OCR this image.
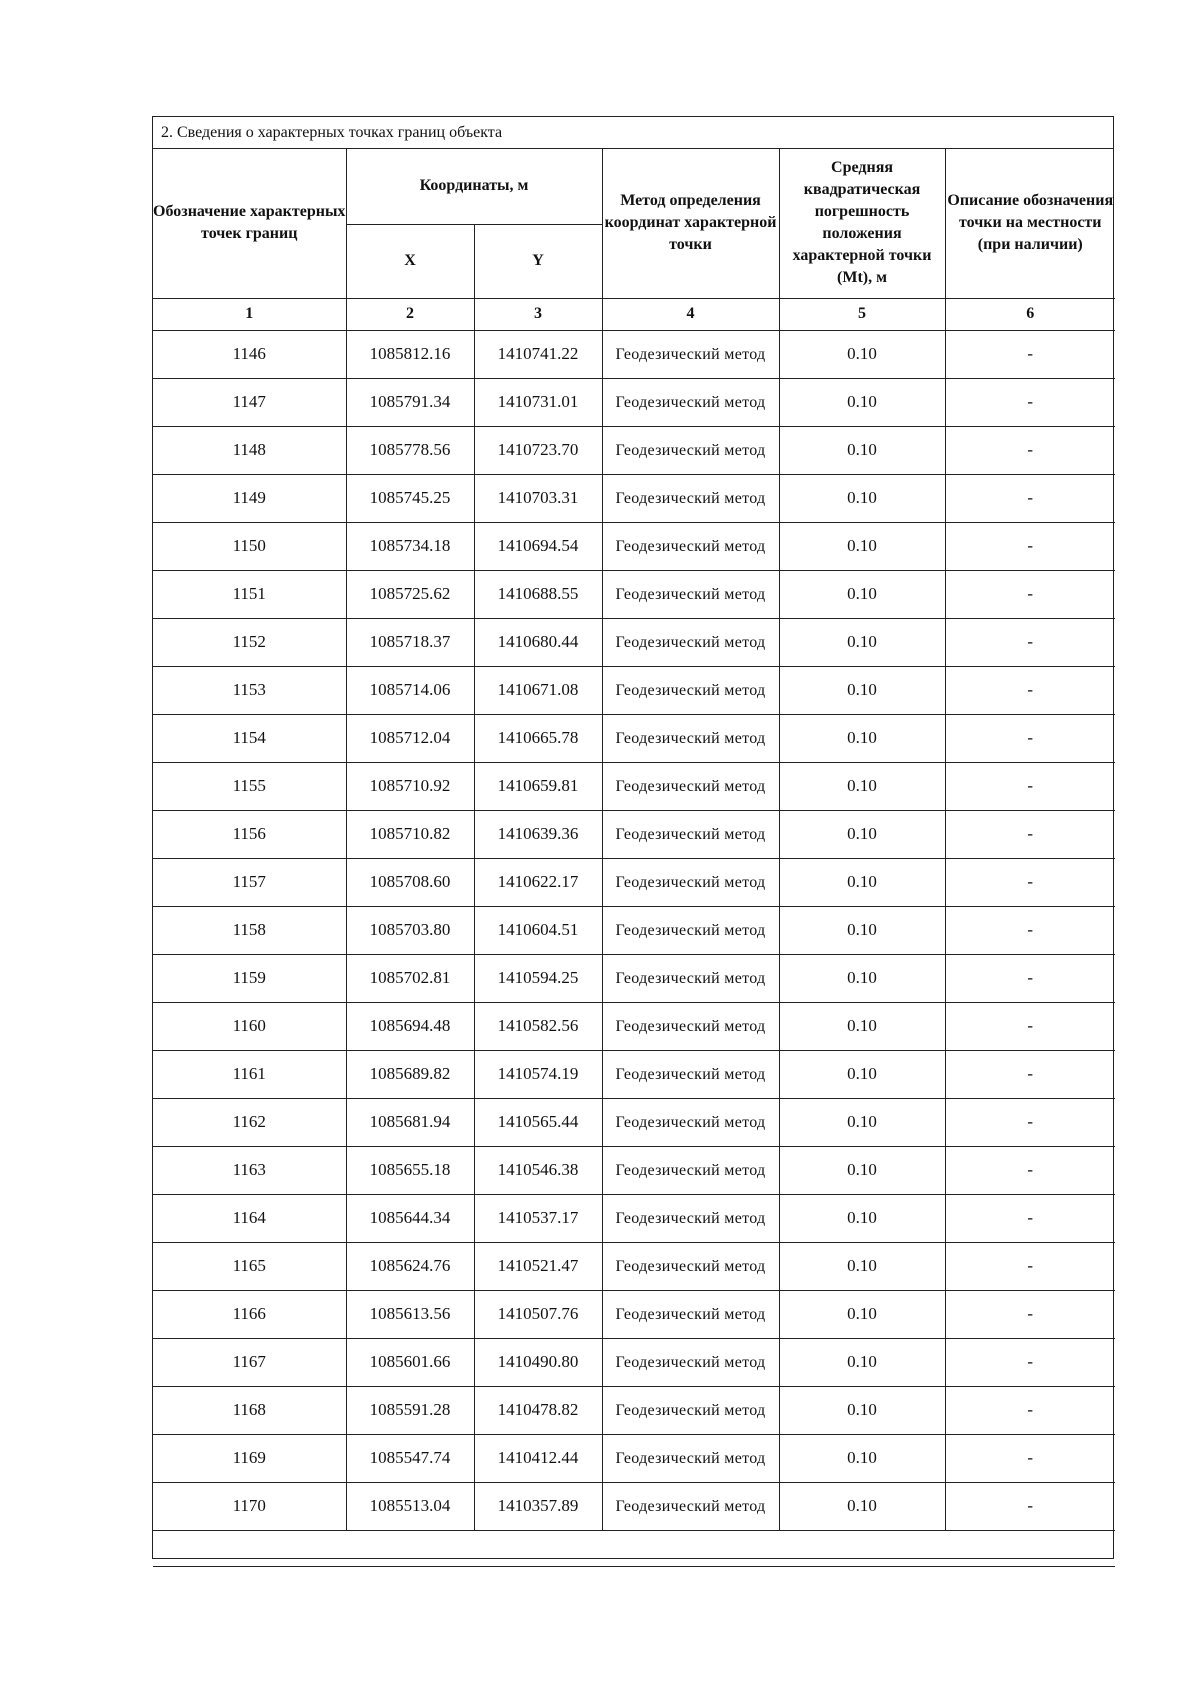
2. Сведения о характерных точках границ объекта
Обозначение характерных точек границ	Координаты, м		Метод определения координат характерной точки	Средняя квадратическая погрешность положения характерной точки (Mt), м	Описание обозначения точки на местности (при наличии)
	X	Y			
1	2	3	4	5	6
1146	1085812.16	1410741.22	Геодезический метод	0.10	-
1147	1085791.34	1410731.01	Геодезический метод	0.10	-
1148	1085778.56	1410723.70	Геодезический метод	0.10	-
1149	1085745.25	1410703.31	Геодезический метод	0.10	-
1150	1085734.18	1410694.54	Геодезический метод	0.10	-
1151	1085725.62	1410688.55	Геодезический метод	0.10	-
1152	1085718.37	1410680.44	Геодезический метод	0.10	-
1153	1085714.06	1410671.08	Геодезический метод	0.10	-
1154	1085712.04	1410665.78	Геодезический метод	0.10	-
1155	1085710.92	1410659.81	Геодезический метод	0.10	-
1156	1085710.82	1410639.36	Геодезический метод	0.10	-
1157	1085708.60	1410622.17	Геодезический метод	0.10	-
1158	1085703.80	1410604.51	Геодезический метод	0.10	-
1159	1085702.81	1410594.25	Геодезический метод	0.10	-
1160	1085694.48	1410582.56	Геодезический метод	0.10	-
1161	1085689.82	1410574.19	Геодезический метод	0.10	-
1162	1085681.94	1410565.44	Геодезический метод	0.10	-
1163	1085655.18	1410546.38	Геодезический метод	0.10	-
1164	1085644.34	1410537.17	Геодезический метод	0.10	-
1165	1085624.76	1410521.47	Геодезический метод	0.10	-
1166	1085613.56	1410507.76	Геодезический метод	0.10	-
1167	1085601.66	1410490.80	Геодезический метод	0.10	-
1168	1085591.28	1410478.82	Геодезический метод	0.10	-
1169	1085547.74	1410412.44	Геодезический метод	0.10	-
1170	1085513.04	1410357.89	Геодезический метод	0.10	-
